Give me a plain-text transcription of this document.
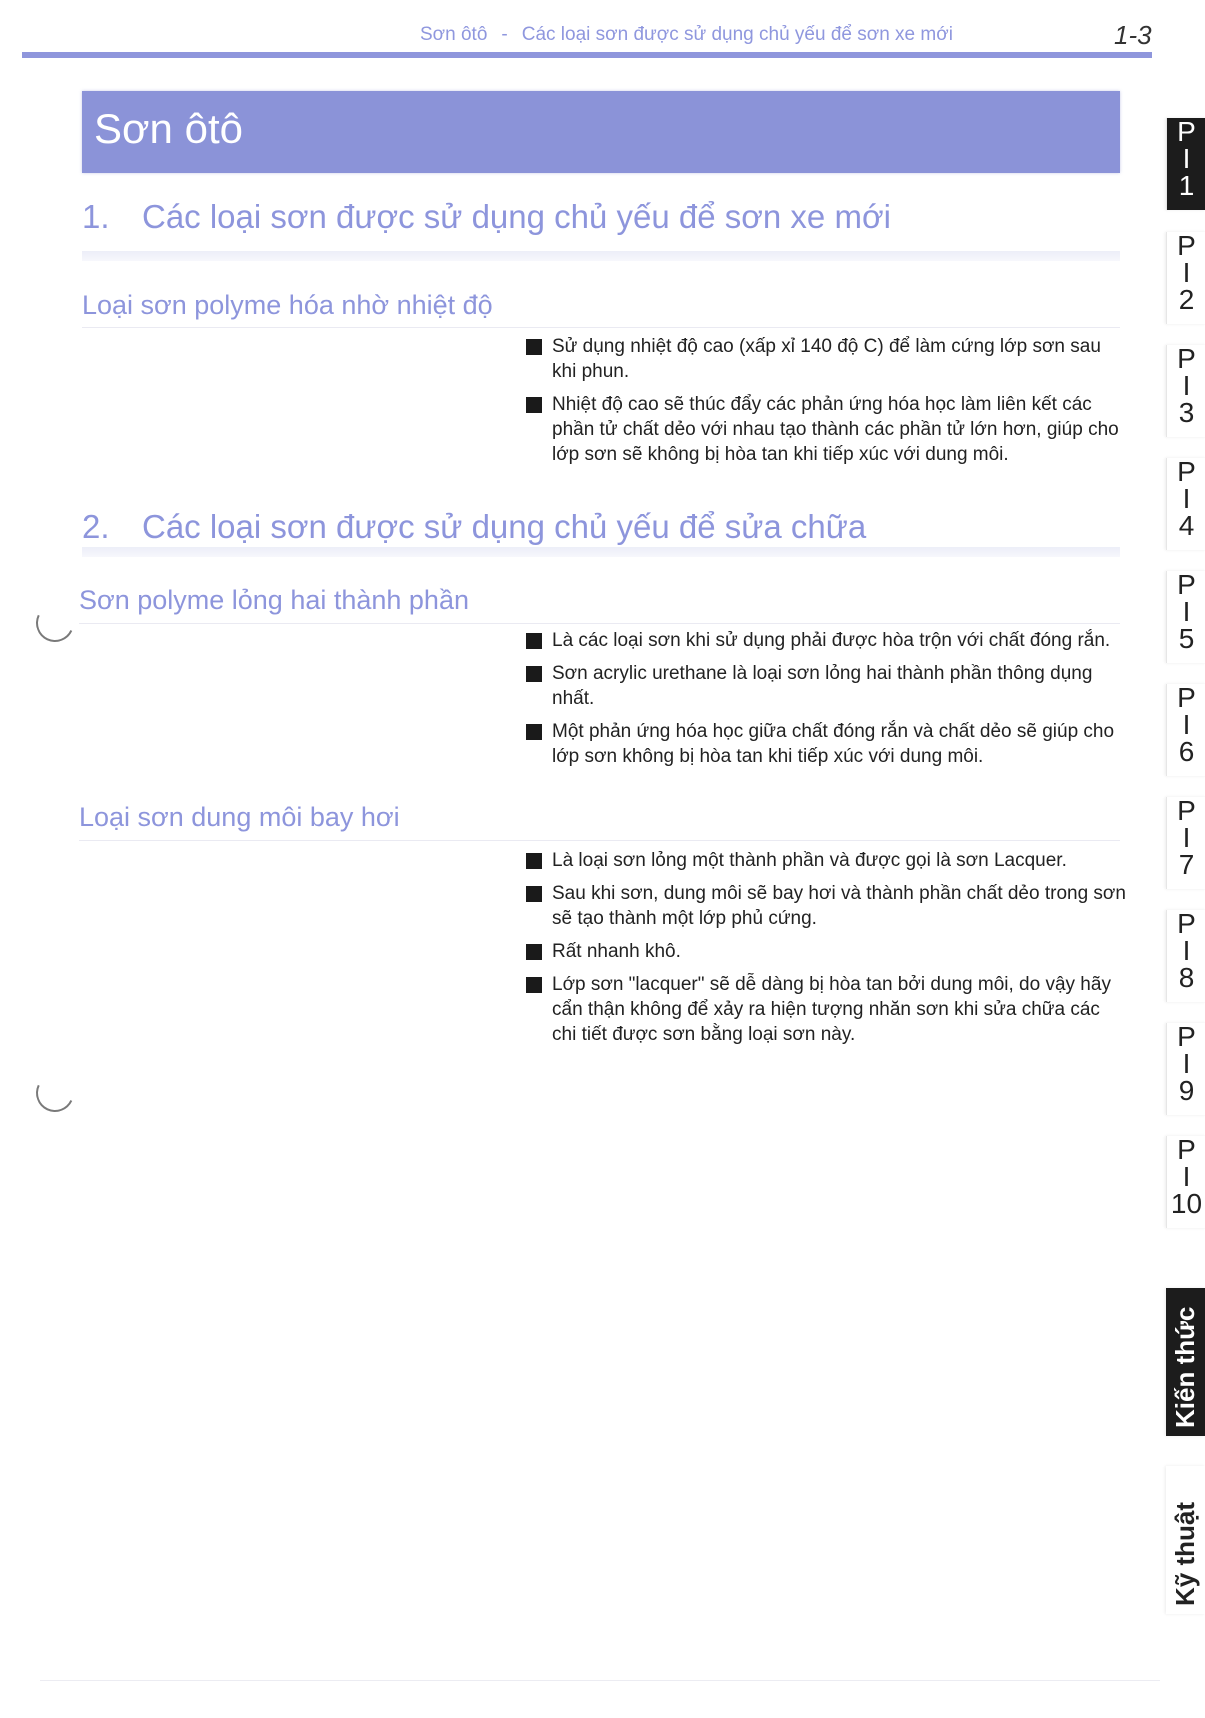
Sơn ôtô - Các loại sơn được sử dụng chủ yếu để sơn xe mới	1-3
Sơn ôtô
1. Các loại sơn được sử dụng chủ yếu để sơn xe mới
Loại sơn polyme hóa nhờ nhiệt độ
Sử dụng nhiệt độ cao (xấp xỉ 140 độ C) để làm cứng lớp sơn sau khi phun.
Nhiệt độ cao sẽ thúc đẩy các phản ứng hóa học làm liên kết các phần tử chất dẻo với nhau tạo thành các phần tử lớn hơn, giúp cho lớp sơn sẽ không bị hòa tan khi tiếp xúc với dung môi.
2. Các loại sơn được sử dụng chủ yếu để sửa chữa
Sơn polyme lỏng hai thành phần
Là các loại sơn khi sử dụng phải được hòa trộn với chất đóng rắn.
Sơn acrylic urethane là loại sơn lỏng hai thành phần thông dụng nhất.
Một phản ứng hóa học giữa chất đóng rắn và chất dẻo sẽ giúp cho lớp sơn không bị hòa tan khi tiếp xúc với dung môi.
Loại sơn dung môi bay hơi
Là loại sơn lỏng một thành phần và được gọi là sơn Lacquer.
Sau khi sơn, dung môi sẽ bay hơi và thành phần chất dẻo trong sơn sẽ tạo thành một lớp phủ cứng.
Rất nhanh khô.
Lớp sơn "lacquer" sẽ dễ dàng bị hòa tan bởi dung môi, do vậy hãy cẩn thận không để xảy ra hiện tượng nhăn sơn khi sửa chữa các chi tiết được sơn bằng loại sơn này.
P
I
1
P
I
2
P
I
3
P
I
4
P
I
5
P
I
6
P
I
7
P
I
8
P
I
9
P
I
10
Kiến thức
Kỹ thuật
